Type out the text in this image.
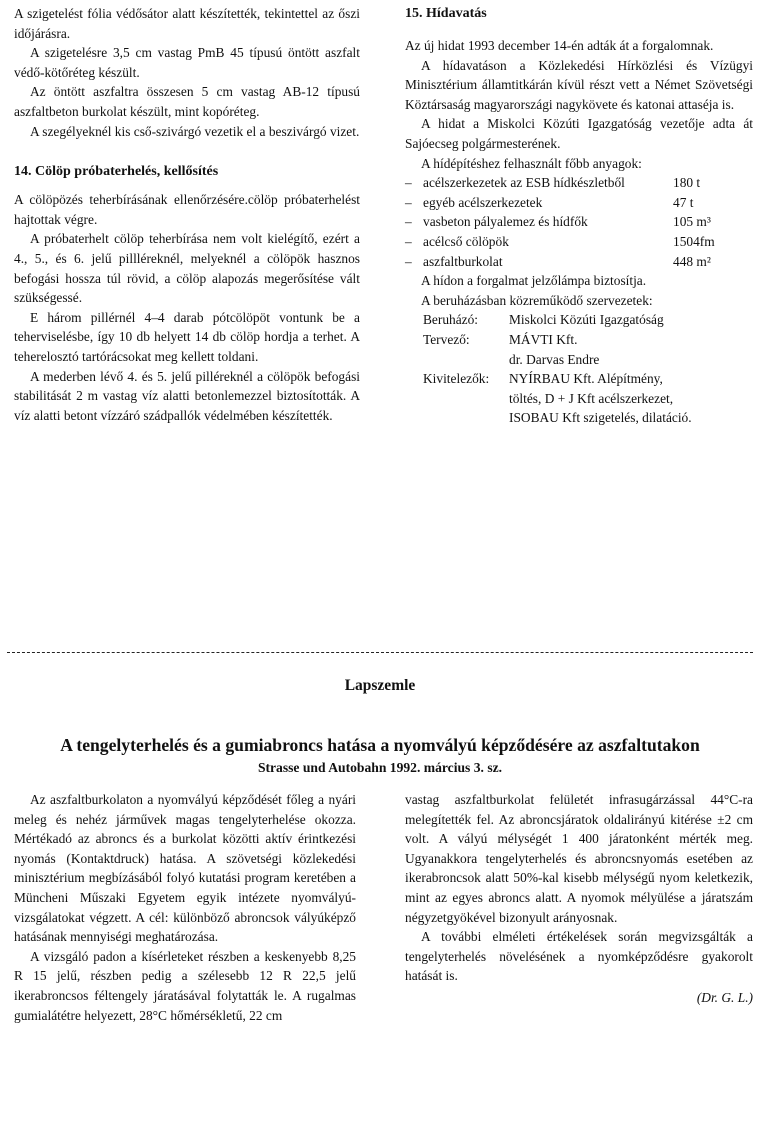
A szigetelést fólia védősátor alatt készítették, tekintettel az őszi időjárásra.

A szigetelésre 3,5 cm vastag PmB 45 típusú öntött aszfalt védő-kötőréteg készült.

Az öntött aszfaltra összesen 5 cm vastag AB-12 típusú aszfaltbeton burkolat készült, mint kopóréteg.

A szegélyeknél kis cső-szivárgó vezetik el a beszivárgó vizet.

14. Cölöp próbaterhelés, kellősítés

A cölöpözés teherbírásának ellenőrzésére.cölöp próbaterhelést hajtottak végre.

A próbaterhelt cölöp teherbírása nem volt kielégítő, ezért a 4., 5., és 6. jelű pillléreknél, melyeknél a cölöpök hasznos befogási hossza túl rövid, a cölöp alapozás megerősítése vált szükségessé.

E három pillérnél 4–4 darab pótcölöpöt vontunk be a teherviselésbe, így 10 db helyett 14 db cölöp hordja a terhet. A teherelosztó tartórácsokat meg kellett toldani.

A mederben lévő 4. és 5. jelű pilléreknél a cölöpök befogási stabilitását 2 m vastag víz alatti betonlemezzel biztosították. A víz alatti betont vízzáró szádpallók védelmében készítették.

15. Hídavatás

Az új hidat 1993 december 14-én adták át a forgalomnak.

A hídavatáson a Közlekedési Hírközlési és Vízügyi Minisztérium államtitkárán kívül részt vett a Német Szövetségi Köztársaság magyarországi nagykövete és katonai attaséja is.

A hidat a Miskolci Közúti Igazgatóság vezetője adta át Sajóecseg polgármesterének.

A hídépítéshez felhasznált főbb anyagok:

– acélszerkezetek az ESB hídkészletből	180 t
– egyéb acélszerkezetek	47 t
– vasbeton pályalemez és hídfők	105 m³
– acélcső cölöpök	1504fm
– aszfaltburkolat	448 m²

A hídon a forgalmat jelzőlámpa biztosítja.

A beruházásban közreműködő szervezetek:

Beruházó:	Miskolci Közúti Igazgatóság
Tervező:	MÁVTI Kft.
dr. Darvas Endre
Kivitelezők:	NYÍRBAU Kft. Alépítmény,
töltés, D + J Kft acélszerkezet,
ISOBAU Kft szigetelés, dilatáció.
Lapszemle
A tengelyterhelés és a gumiabroncs hatása a nyomvályú képződésére az aszfaltutakon
Strasse und Autobahn 1992. március 3. sz.

Az aszfaltburkolaton a nyomvályú képződését főleg a nyári meleg és nehéz járművek magas tengelyterhelése okozza. Mértékadó az abroncs és a burkolat közötti aktív érintkezési nyomás (Kontaktdruck) hatása. A szövetségi közlekedési minisztérium megbízásából folyó kutatási program keretében a Müncheni Műszaki Egyetem egyik intézete nyomvályú-vizsgálatokat végzett. A cél: különböző abroncsok vályúképző hatásának mennyiségi meghatározása.

A vizsgáló padon a kísérleteket részben a keskenyebb 8,25 R 15 jelű, részben pedig a szélesebb 12 R 22,5 jelű ikerabroncsos féltengely járatásával folytatták le. A rugalmas gumialátétre helyezett, 28°C hőmérsékletű, 22 cm

vastag aszfaltburkolat felületét infrasugárzással 44°C-ra melegítették fel. Az abroncsjáratok oldalirányú kitérése ±2 cm volt. A vályú mélységét 1 400 járatonként mérték meg. Ugyanakkora tengelyterhelés és abroncsnyomás esetében az ikerabroncsok alatt 50%-kal kisebb mélységű nyom keletkezik, mint az egyes abroncs alatt. A nyomok mélyülése a járatszám négyzetgyökével bizonyult arányosnak.

A további elméleti értékelések során megvizsgálták a tengelyterhelés növelésének a nyomképződésre gyakorolt hatását is.

(Dr. G. L.)
